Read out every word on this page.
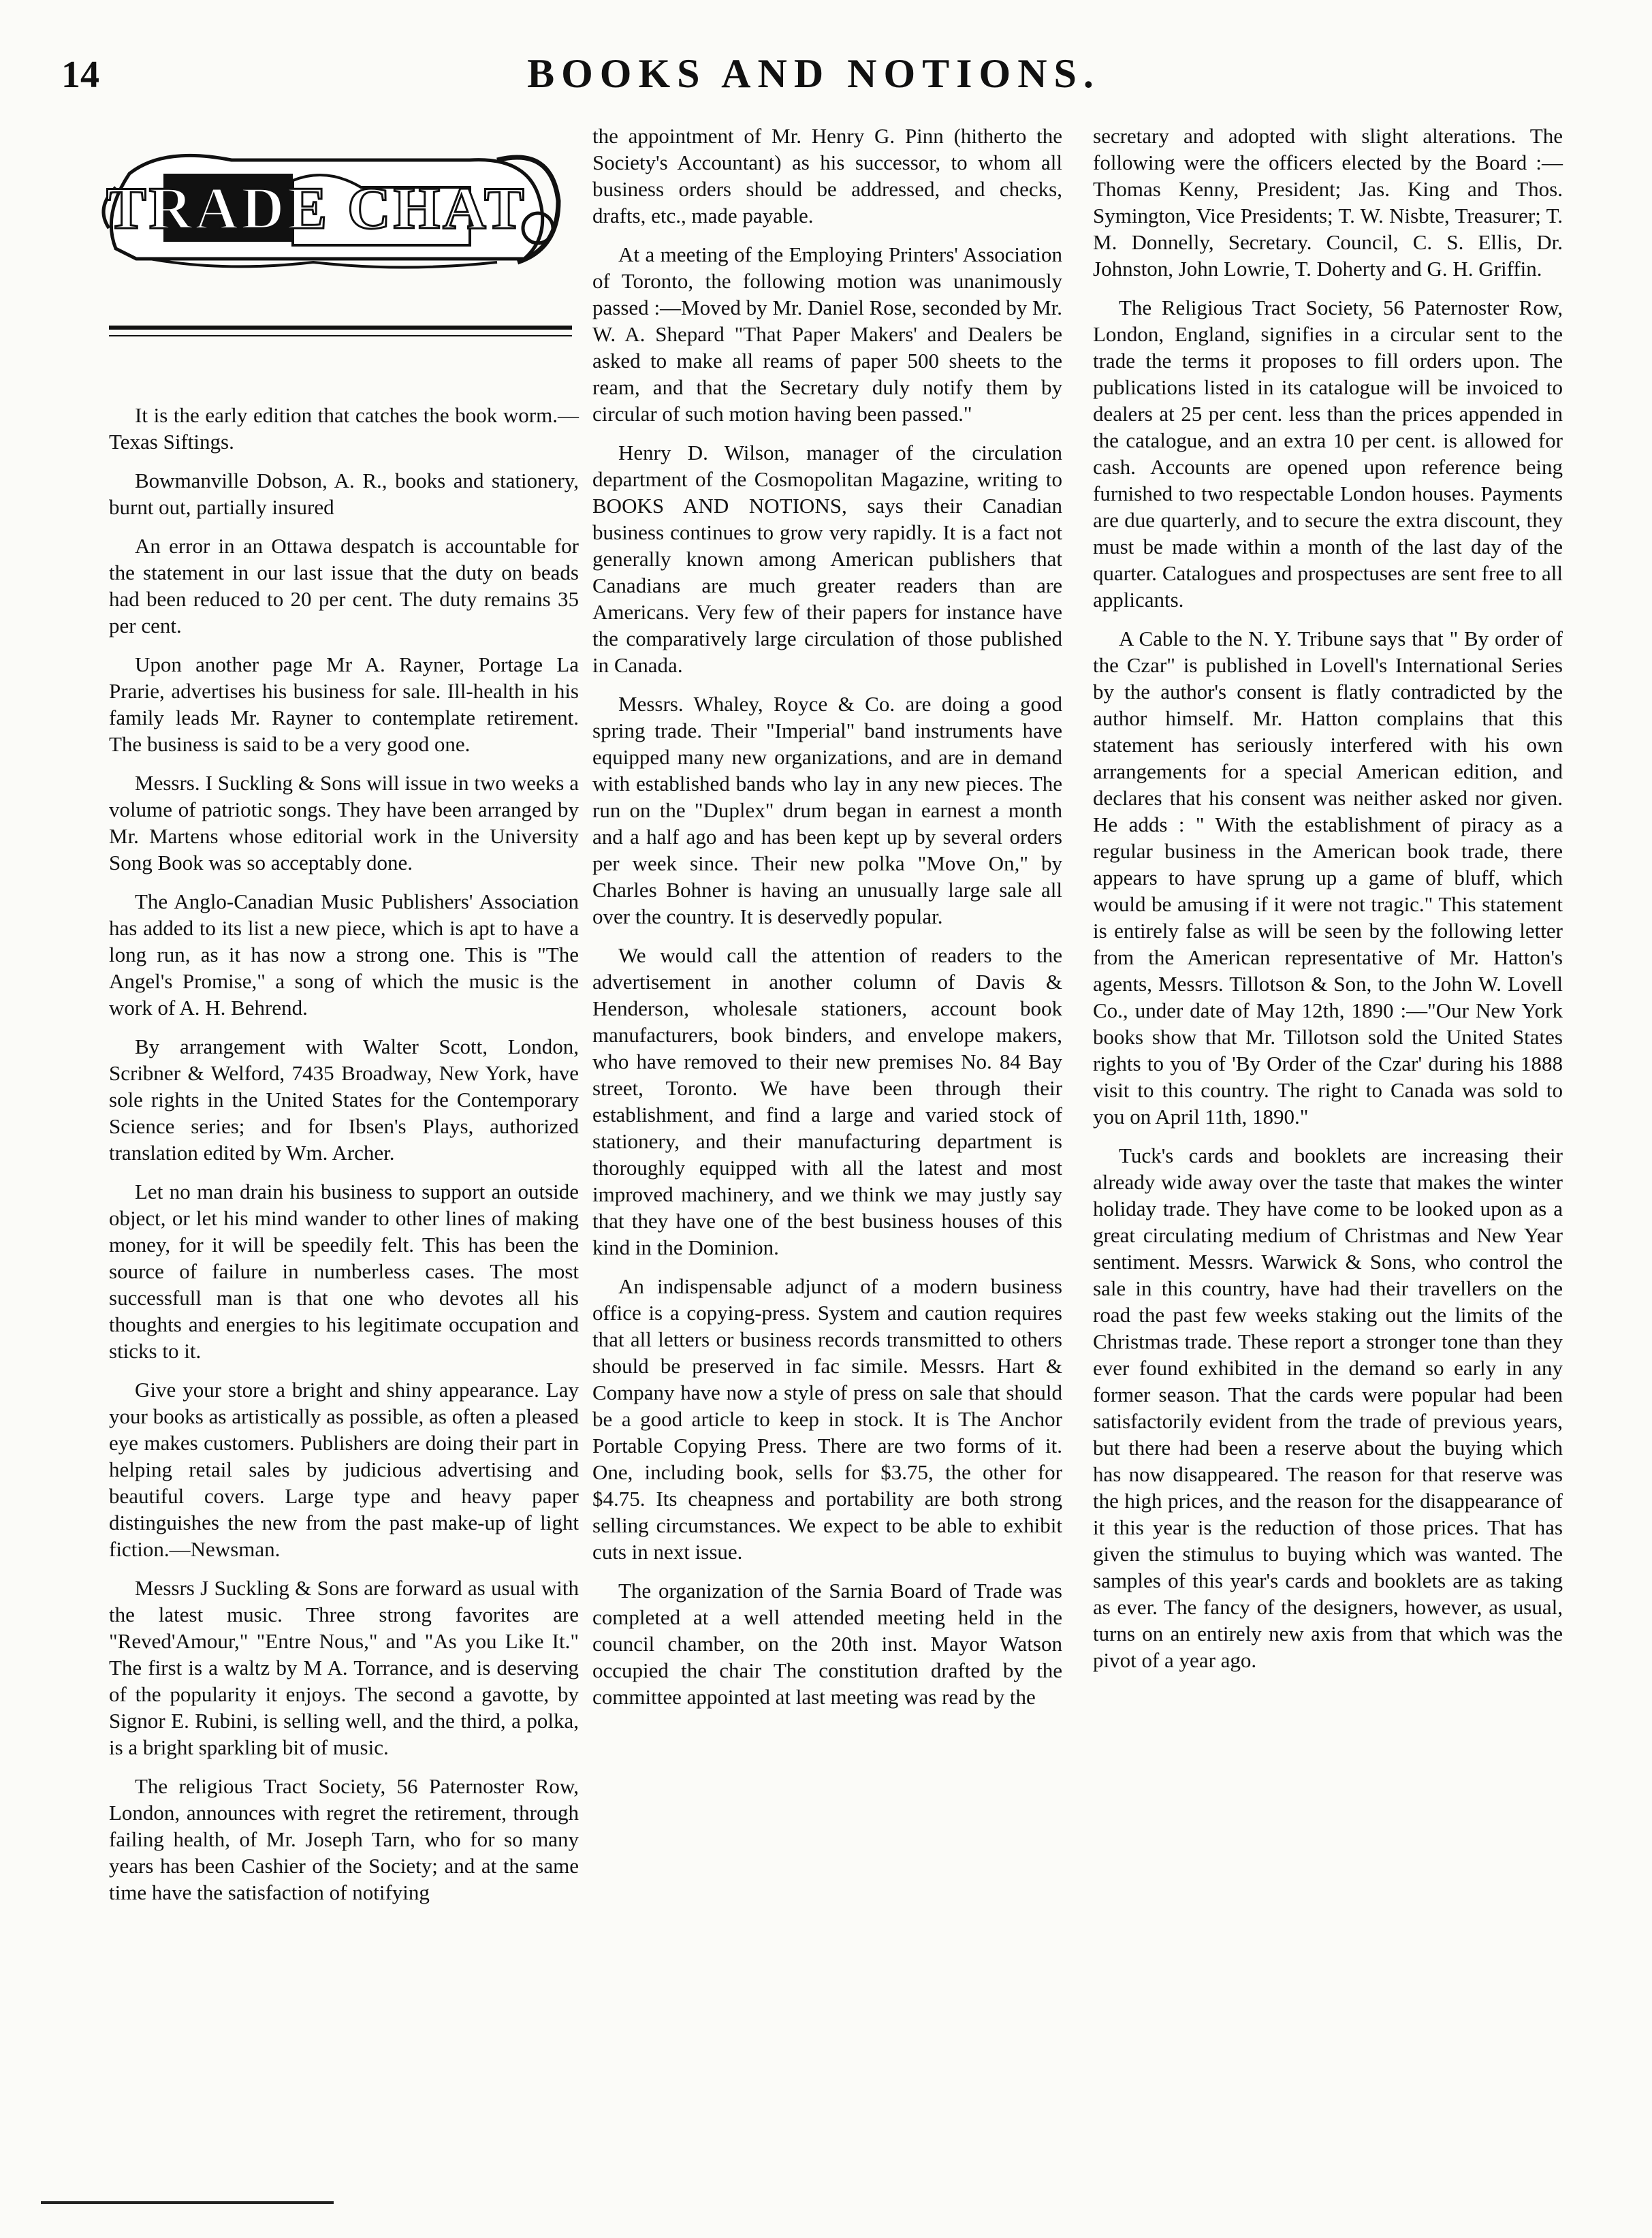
14	BOOKS AND NOTIONS.
TRADE CHAT

It is the early edition that catches the book worm.—Texas Siftings.

Bowmanville Dobson, A. R., books and stationery, burnt out, partially insured

An error in an Ottawa despatch is accountable for the statement in our last issue that the duty on beads had been reduced to 20 per cent. The duty remains 35 per cent.

Upon another page Mr A. Rayner, Portage La Prarie, advertises his business for sale. Ill-health in his family leads Mr. Rayner to contemplate retirement. The business is said to be a very good one.

Messrs. I Suckling & Sons will issue in two weeks a volume of patriotic songs. They have been arranged by Mr. Martens whose editorial work in the University Song Book was so acceptably done.

The Anglo-Canadian Music Publishers' Association has added to its list a new piece, which is apt to have a long run, as it has now a strong one. This is "The Angel's Promise," a song of which the music is the work of A. H. Behrend.

By arrangement with Walter Scott, London, Scribner & Welford, 7435 Broadway, New York, have sole rights in the United States for the Contemporary Science series; and for Ibsen's Plays, authorized translation edited by Wm. Archer.

Let no man drain his business to support an outside object, or let his mind wander to other lines of making money, for it will be speedily felt. This has been the source of failure in numberless cases. The most successfull man is that one who devotes all his thoughts and energies to his legitimate occupation and sticks to it.

Give your store a bright and shiny appearance. Lay your books as artistically as possible, as often a pleased eye makes customers. Publishers are doing their part in helping retail sales by judicious advertising and beautiful covers. Large type and heavy paper distinguishes the new from the past make-up of light fiction.—Newsman.

Messrs J Suckling & Sons are forward as usual with the latest music. Three strong favorites are "Reved'Amour," "Entre Nous," and "As you Like It." The first is a waltz by M A. Torrance, and is deserving of the popularity it enjoys. The second a gavotte, by Signor E. Rubini, is selling well, and the third, a polka, is a bright sparkling bit of music.

The religious Tract Society, 56 Paternoster Row, London, announces with regret the retirement, through failing health, of Mr. Joseph Tarn, who for so many years has been Cashier of the Society; and at the same time have the satisfaction of notifying

the appointment of Mr. Henry G. Pinn (hitherto the Society's Accountant) as his successor, to whom all business orders should be addressed, and checks, drafts, etc., made payable.

At a meeting of the Employing Printers' Association of Toronto, the following motion was unanimously passed :—Moved by Mr. Daniel Rose, seconded by Mr. W. A. Shepard "That Paper Makers' and Dealers be asked to make all reams of paper 500 sheets to the ream, and that the Secretary duly notify them by circular of such motion having been passed."

Henry D. Wilson, manager of the circulation department of the Cosmopolitan Magazine, writing to BOOKS AND NOTIONS, says their Canadian business continues to grow very rapidly. It is a fact not generally known among American publishers that Canadians are much greater readers than are Americans. Very few of their papers for instance have the comparatively large circulation of those published in Canada.

Messrs. Whaley, Royce & Co. are doing a good spring trade. Their "Imperial" band instruments have equipped many new organizations, and are in demand with established bands who lay in any new pieces. The run on the "Duplex" drum began in earnest a month and a half ago and has been kept up by several orders per week since. Their new polka "Move On," by Charles Bohner is having an unusually large sale all over the country. It is deservedly popular.

We would call the attention of readers to the advertisement in another column of Davis & Henderson, wholesale stationers, account book manufacturers, book binders, and envelope makers, who have removed to their new premises No. 84 Bay street, Toronto. We have been through their establishment, and find a large and varied stock of stationery, and their manufacturing department is thoroughly equipped with all the latest and most improved machinery, and we think we may justly say that they have one of the best business houses of this kind in the Dominion.

An indispensable adjunct of a modern business office is a copying-press. System and caution requires that all letters or business records transmitted to others should be preserved in fac simile. Messrs. Hart & Company have now a style of press on sale that should be a good article to keep in stock. It is The Anchor Portable Copying Press. There are two forms of it. One, including book, sells for $3.75, the other for $4.75. Its cheapness and portability are both strong selling circumstances. We expect to be able to exhibit cuts in next issue.

The organization of the Sarnia Board of Trade was completed at a well attended meeting held in the council chamber, on the 20th inst. Mayor Watson occupied the chair The constitution drafted by the committee appointed at last meeting was read by the

secretary and adopted with slight alterations. The following were the officers elected by the Board :—Thomas Kenny, President; Jas. King and Thos. Symington, Vice Presidents; T. W. Nisbte, Treasurer; T. M. Donnelly, Secretary. Council, C. S. Ellis, Dr. Johnston, John Lowrie, T. Doherty and G. H. Griffin.

The Religious Tract Society, 56 Paternoster Row, London, England, signifies in a circular sent to the trade the terms it proposes to fill orders upon. The publications listed in its catalogue will be invoiced to dealers at 25 per cent. less than the prices appended in the catalogue, and an extra 10 per cent. is allowed for cash. Accounts are opened upon reference being furnished to two respectable London houses. Payments are due quarterly, and to secure the extra discount, they must be made within a month of the last day of the quarter. Catalogues and prospectuses are sent free to all applicants.

A Cable to the N. Y. Tribune says that " By order of the Czar" is published in Lovell's International Series by the author's consent is flatly contradicted by the author himself. Mr. Hatton complains that this statement has seriously interfered with his own arrangements for a special American edition, and declares that his consent was neither asked nor given. He adds : " With the establishment of piracy as a regular business in the American book trade, there appears to have sprung up a game of bluff, which would be amusing if it were not tragic." This statement is entirely false as will be seen by the following letter from the American representative of Mr. Hatton's agents, Messrs. Tillotson & Son, to the John W. Lovell Co., under date of May 12th, 1890 :—"Our New York books show that Mr. Tillotson sold the United States rights to you of 'By Order of the Czar' during his 1888 visit to this country. The right to Canada was sold to you on April 11th, 1890."

Tuck's cards and booklets are increasing their already wide away over the taste that makes the winter holiday trade. They have come to be looked upon as a great circulating medium of Christmas and New Year sentiment. Messrs. Warwick & Sons, who control the sale in this country, have had their travellers on the road the past few weeks staking out the limits of the Christmas trade. These report a stronger tone than they ever found exhibited in the demand so early in any former season. That the cards were popular had been satisfactorily evident from the trade of previous years, but there had been a reserve about the buying which has now disappeared. The reason for that reserve was the high prices, and the reason for the disappearance of it this year is the reduction of those prices. That has given the stimulus to buying which was wanted. The samples of this year's cards and booklets are as taking as ever. The fancy of the designers, however, as usual, turns on an entirely new axis from that which was the pivot of a year ago.
